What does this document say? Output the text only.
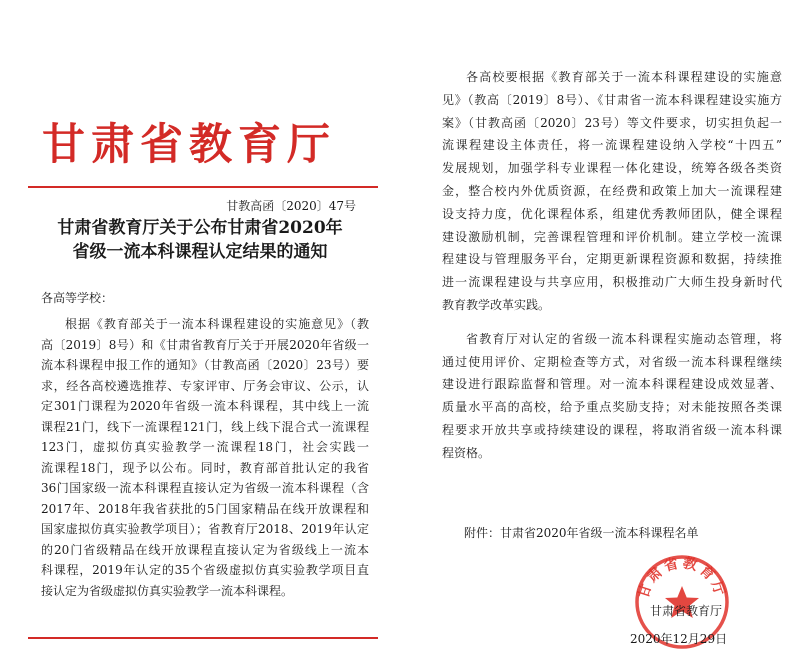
甘肃省教育厅
甘教高函〔2020〕47号
甘肃省教育厅关于公布甘肃省2020年
省级一流本科课程认定结果的通知
各高等学校：
根据《教育部关于一流本科课程建设的实施意见》（教
高〔2019〕8号）和《甘肃省教育厅关于开展2020年省级一
流本科课程申报工作的通知》（甘教高函〔2020〕23号）要
求，经各高校遴选推荐、专家评审、厅务会审议、公示，认
定301门课程为2020年省级一流本科课程，其中线上一流
课程21门，线下一流课程121门，线上线下混合式一流课程
123门，虚拟仿真实验教学一流课程18门，社会实践一
流课程18门，现予以公布。同时，教育部首批认定的我省
36门国家级一流本科课程直接认定为省级一流本科课程（含
2017年、2018年我省获批的5门国家精品在线开放课程和
国家虚拟仿真实验教学项目）；省教育厅2018、2019年认定
的20门省级精品在线开放课程直接认定为省级线上一流本
科课程，2019年认定的35个省级虚拟仿真实验教学项目直
接认定为省级虚拟仿真实验教学一流本科课程。
各高校要根据《教育部关于一流本科课程建设的实施意
见》（教高〔2019〕8号）、《甘肃省一流本科课程建设实施方
案》（甘教高函〔2020〕23号）等文件要求，切实担负起一
流课程建设主体责任，将一流课程建设纳入学校“十四五”
发展规划，加强学科专业课程一体化建设，统筹各级各类资
金，整合校内外优质资源，在经费和政策上加大一流课程建
设支持力度，优化课程体系，组建优秀教师团队，健全课程
建设激励机制，完善课程管理和评价机制。建立学校一流课
程建设与管理服务平台，定期更新课程资源和数据，持续推
进一流课程建设与共享应用，积极推动广大师生投身新时代
教育教学改革实践。
省教育厅对认定的省级一流本科课程实施动态管理，将
通过使用评价、定期检查等方式，对省级一流本科课程继续
建设进行跟踪监督和管理。对一流本科课程建设成效显著、
质量水平高的高校，给予重点奖励支持；对未能按照各类课
程要求开放共享或持续建设的课程，将取消省级一流本科课
程资格。
附件：甘肃省2020年省级一流本科课程名单
甘肃省教育厅
甘肃省教育厅
2020年12月29日
